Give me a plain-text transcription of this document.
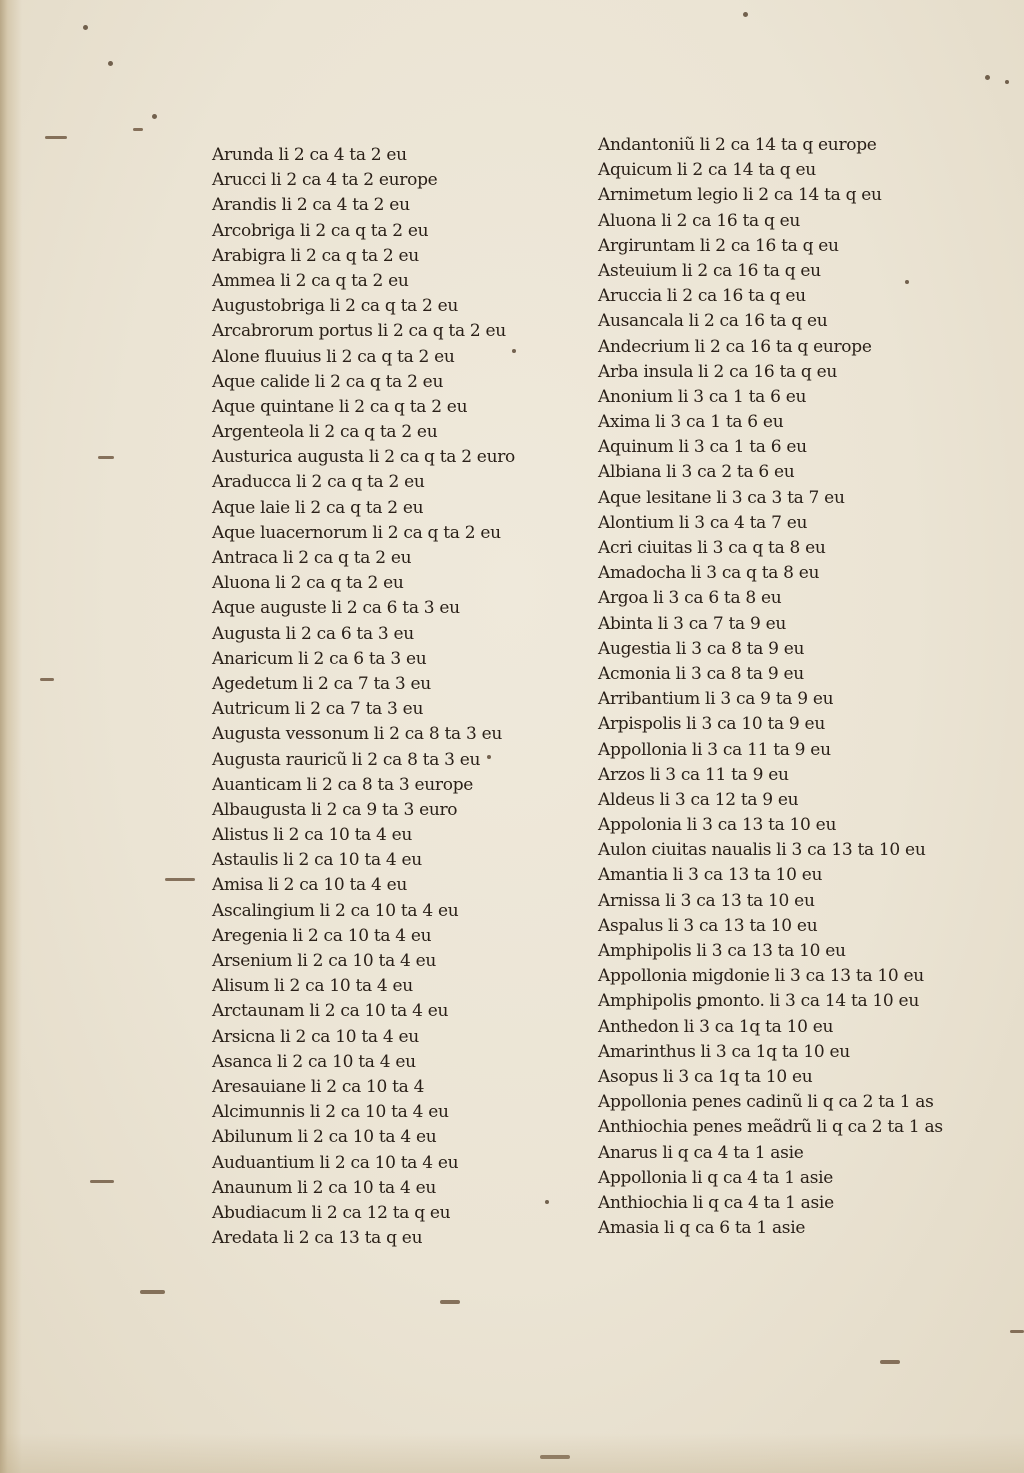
Arunda li 2 ca 4 ta 2 eu
Arucci li 2 ca 4 ta 2 europe
Arandis li 2 ca 4 ta 2 eu
Arcobriga li 2 ca q ta 2 eu
Arabigra li 2 ca q ta 2 eu
Ammea li 2 ca q ta 2 eu
Augustobriga li 2 ca q ta 2 eu
Arcabrorum portus li 2 ca q ta 2 eu
Alone fluuius li 2 ca q ta 2 eu
Aque calide li 2 ca q ta 2 eu
Aque quintane li 2 ca q ta 2 eu
Argenteola li 2 ca q ta 2 eu
Austurica augusta li 2 ca q ta 2 euro
Araducca li 2 ca q ta 2 eu
Aque laie li 2 ca q ta 2 eu
Aque luacernorum li 2 ca q ta 2 eu
Antraca li 2 ca q ta 2 eu
Aluona li 2 ca q ta 2 eu
Aque auguste li 2 ca 6 ta 3 eu
Augusta li 2 ca 6 ta 3 eu
Anaricum li 2 ca 6 ta 3 eu
Agedetum li 2 ca 7 ta 3 eu
Autricum li 2 ca 7 ta 3 eu
Augusta vessonum li 2 ca 8 ta 3 eu
Augusta rauricũ li 2 ca 8 ta 3 eu
Auanticam li 2 ca 8 ta 3 europe
Albaugusta li 2 ca 9 ta 3 euro
Alistus li 2 ca 10 ta 4 eu
Astaulis li 2 ca 10 ta 4 eu
Amisa li 2 ca 10 ta 4 eu
Ascalingium li 2 ca 10 ta 4 eu
Aregenia li 2 ca 10 ta 4 eu
Arsenium li 2 ca 10 ta 4 eu
Alisum li 2 ca 10 ta 4 eu
Arctaunam li 2 ca 10 ta 4 eu
Arsicna li 2 ca 10 ta 4 eu
Asanca li 2 ca 10 ta 4 eu
Aresauiane li 2 ca 10 ta 4
Alcimunnis li 2 ca 10 ta 4 eu
Abilunum li 2 ca 10 ta 4 eu
Auduantium li 2 ca 10 ta 4 eu
Anaunum li 2 ca 10 ta 4 eu
Abudiacum li 2 ca 12 ta q eu
Aredata li 2 ca 13 ta q eu
Andantoniũ li 2 ca 14 ta q europe
Aquicum li 2 ca 14 ta q eu
Arnimetum legio li 2 ca 14 ta q eu
Aluona li 2 ca 16 ta q eu
Argiruntam li 2 ca 16 ta q eu
Asteuium li 2 ca 16 ta q eu
Aruccia li 2 ca 16 ta q eu
Ausancala li 2 ca 16 ta q eu
Andecrium li 2 ca 16 ta q europe
Arba insula li 2 ca 16 ta q eu
Anonium li 3 ca 1 ta 6 eu
Axima li 3 ca 1 ta 6 eu
Aquinum li 3 ca 1 ta 6 eu
Albiana li 3 ca 2 ta 6 eu
Aque lesitane li 3 ca 3 ta 7 eu
Alontium li 3 ca 4 ta 7 eu
Acri ciuitas li 3 ca q ta 8 eu
Amadocha li 3 ca q ta 8 eu
Argoa li 3 ca 6 ta 8 eu
Abinta li 3 ca 7 ta 9 eu
Augestia li 3 ca 8 ta 9 eu
Acmonia li 3 ca 8 ta 9 eu
Arribantium li 3 ca 9 ta 9 eu
Arpispolis li 3 ca 10 ta 9 eu
Appollonia li 3 ca 11 ta 9 eu
Arzos li 3 ca 11 ta 9 eu
Aldeus li 3 ca 12 ta 9 eu
Appolonia li 3 ca 13 ta 10 eu
Aulon ciuitas naualis li 3 ca 13 ta 10 eu
Amantia li 3 ca 13 ta 10 eu
Arnissa li 3 ca 13 ta 10 eu
Aspalus li 3 ca 13 ta 10 eu
Amphipolis li 3 ca 13 ta 10 eu
Appollonia migdonie li 3 ca 13 ta 10 eu
Amphipolis ꝑmonto. li 3 ca 14 ta 10 eu
Anthedon li 3 ca 1q ta 10 eu
Amarinthus li 3 ca 1q ta 10 eu
Asopus li 3 ca 1q ta 10 eu
Appollonia penes cadinũ li q ca 2 ta 1 as
Anthiochia penes meãdrũ li q ca 2 ta 1 as
Anarus li q ca 4 ta 1 asie
Appollonia li q ca 4 ta 1 asie
Anthiochia li q ca 4 ta 1 asie
Amasia li q ca 6 ta 1 asie
